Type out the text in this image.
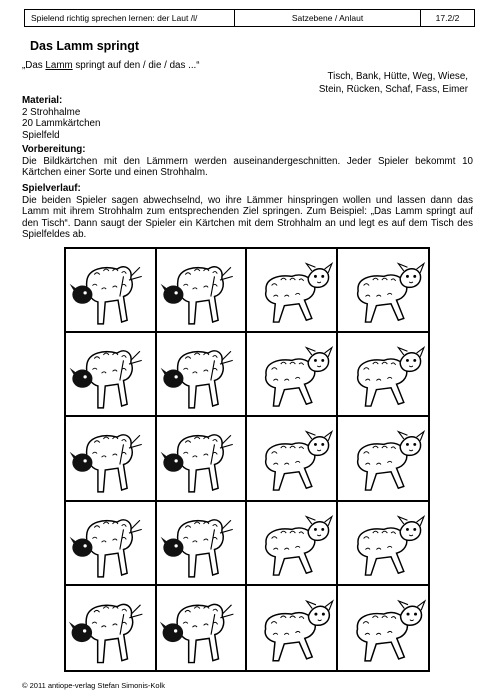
Spielend richtig sprechen lernen: der Laut /l/	Satzebene / Anlaut	17.2/2
Das Lamm springt
„Das Lamm springt auf den / die / das ...“
Tisch, Bank, Hütte, Weg, Wiese,
Stein, Rücken, Schaf, Fass, Eimer
Material:
2 Strohhalme
20 Lammkärtchen
Spielfeld
Vorbereitung:
Die Bildkärtchen mit den Lämmern werden auseinandergeschnitten. Jeder Spieler bekommt 10 Kärtchen einer Sorte und einen Strohhalm.
Spielverlauf:
Die beiden Spieler sagen abwechselnd, wo ihre Lämmer hinspringen wollen und lassen dann das Lamm mit ihrem Strohhalm zum entsprechenden Ziel springen. Zum Beispiel: „Das Lamm springt auf den Tisch“. Dann saugt der Spieler ein Kärtchen mit dem Strohhalm an und legt es auf dem Tisch des Spielfeldes ab.
© 2011 antiope-verlag Stefan Simonis-Kolk
